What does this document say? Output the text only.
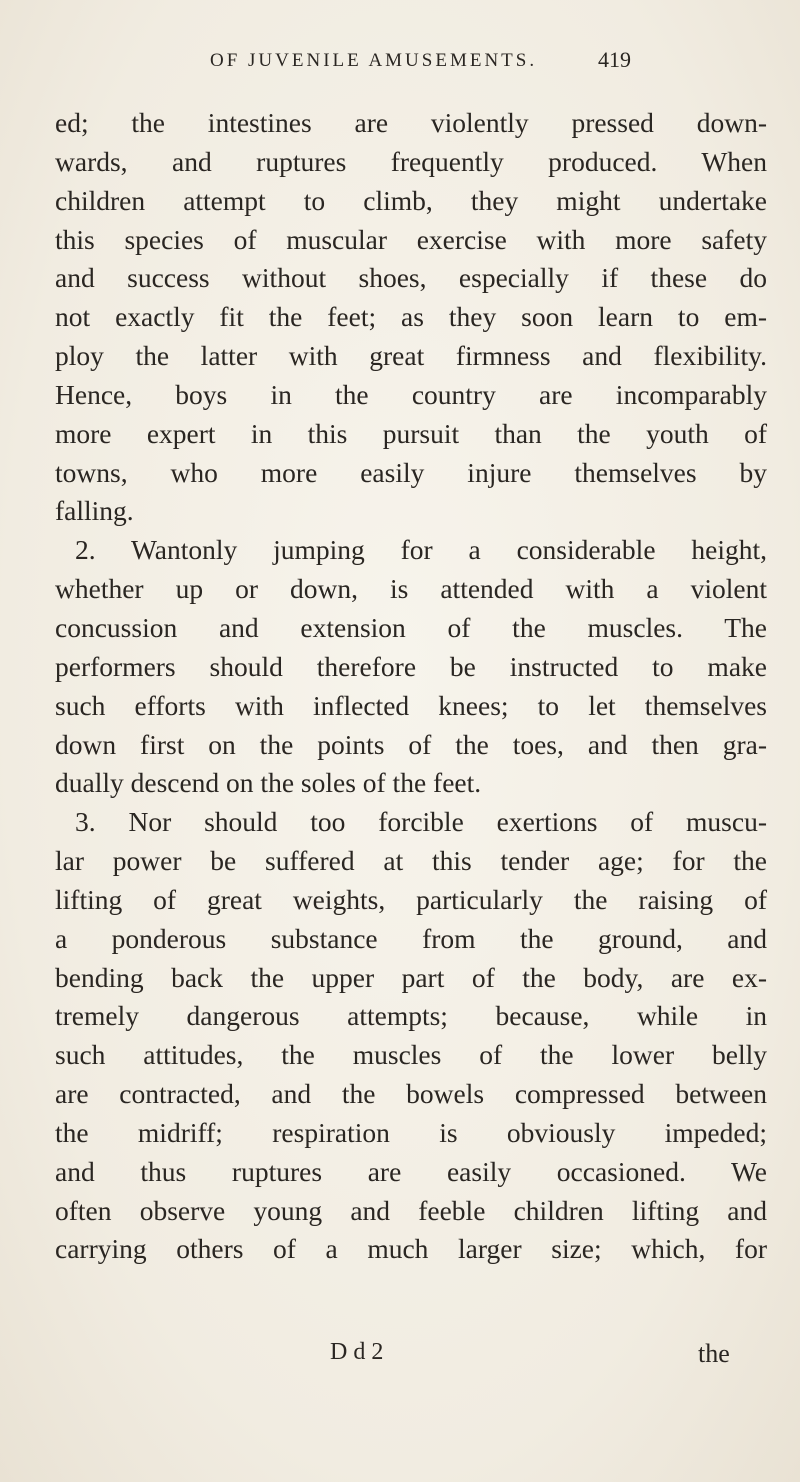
OF JUVENILE AMUSEMENTS.	419
ed; the intestines are violently pressed down-
wards, and ruptures frequently produced. When
children attempt to climb, they might undertake
this species of muscular exercise with more safety
and success without shoes, especially if these do
not exactly fit the feet; as they soon learn to em-
ploy the latter with great firmness and flexibility.
Hence, boys in the country are incomparably
more expert in this pursuit than the youth of
towns, who more easily injure themselves by
falling.
2. Wantonly jumping for a considerable height,
whether up or down, is attended with a violent
concussion and extension of the muscles. The
performers should therefore be instructed to make
such efforts with inflected knees; to let themselves
down first on the points of the toes, and then gra-
dually descend on the soles of the feet.
3. Nor should too forcible exertions of muscu-
lar power be suffered at this tender age; for the
lifting of great weights, particularly the raising of
a ponderous substance from the ground, and
bending back the upper part of the body, are ex-
tremely dangerous attempts; because, while in
such attitudes, the muscles of the lower belly
are contracted, and the bowels compressed between
the midriff; respiration is obviously impeded;
and thus ruptures are easily occasioned. We
often observe young and feeble children lifting and
carrying others of a much larger size; which, for
D d 2	the
